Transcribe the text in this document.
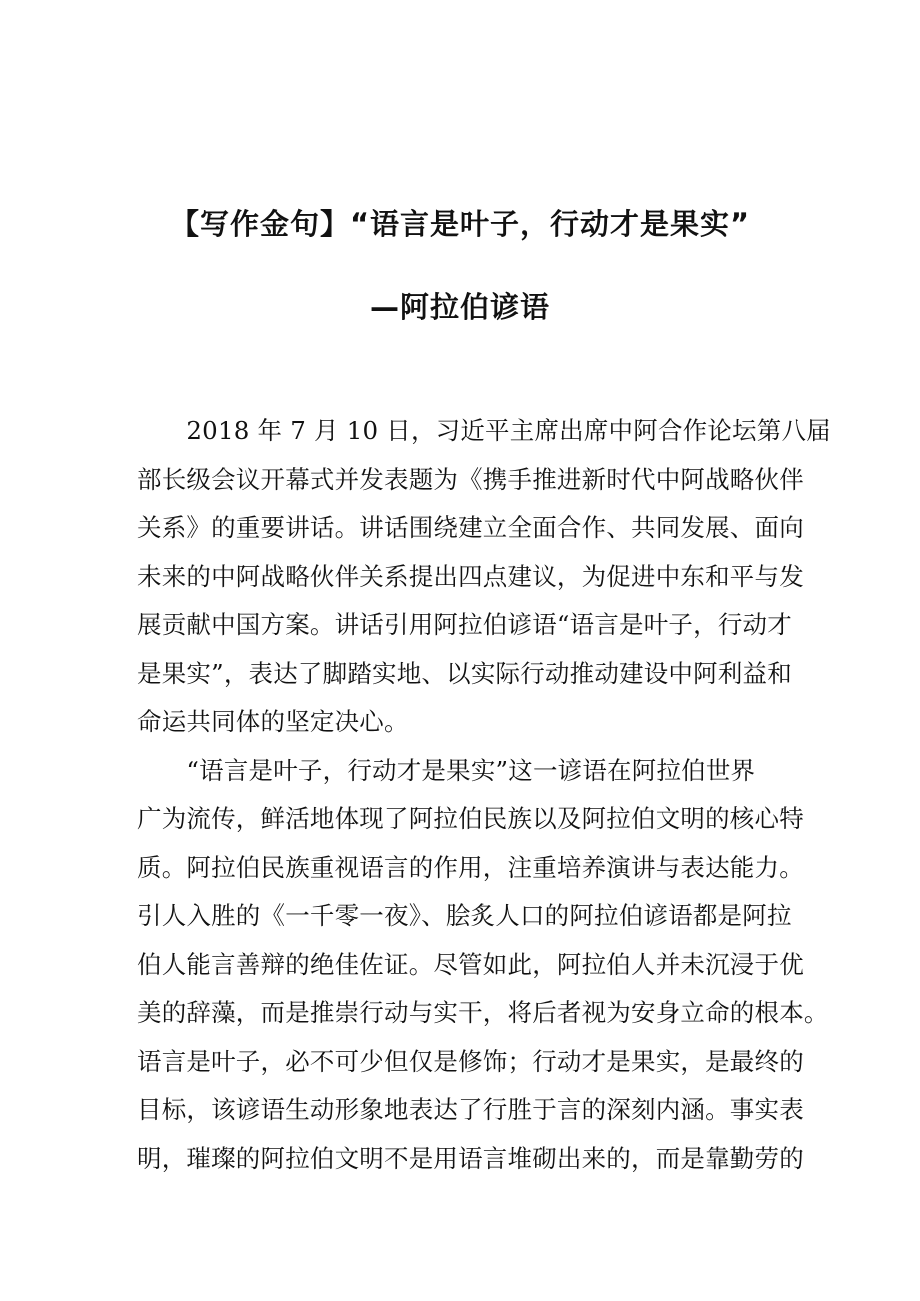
【写作金句】“语言是叶子，行动才是果实”
—阿拉伯谚语
　　2018 年 7 月 10 日，习近平主席出席中阿合作论坛第八届
部长级会议开幕式并发表题为《携手推进新时代中阿战略伙伴
关系》的重要讲话。讲话围绕建立全面合作、共同发展、面向
未来的中阿战略伙伴关系提出四点建议，为促进中东和平与发
展贡献中国方案。讲话引用阿拉伯谚语“语言是叶子，行动才
是果实”，表达了脚踏实地、以实际行动推动建设中阿利益和
命运共同体的坚定决心。
　　“语言是叶子，行动才是果实”这一谚语在阿拉伯世界
广为流传，鲜活地体现了阿拉伯民族以及阿拉伯文明的核心特
质。阿拉伯民族重视语言的作用，注重培养演讲与表达能力。
引人入胜的《一千零一夜》、脍炙人口的阿拉伯谚语都是阿拉
伯人能言善辩的绝佳佐证。尽管如此，阿拉伯人并未沉浸于优
美的辞藻，而是推崇行动与实干，将后者视为安身立命的根本。
语言是叶子，必不可少但仅是修饰；行动才是果实，是最终的
目标，该谚语生动形象地表达了行胜于言的深刻内涵。事实表
明，璀璨的阿拉伯文明不是用语言堆砌出来的，而是靠勤劳的
